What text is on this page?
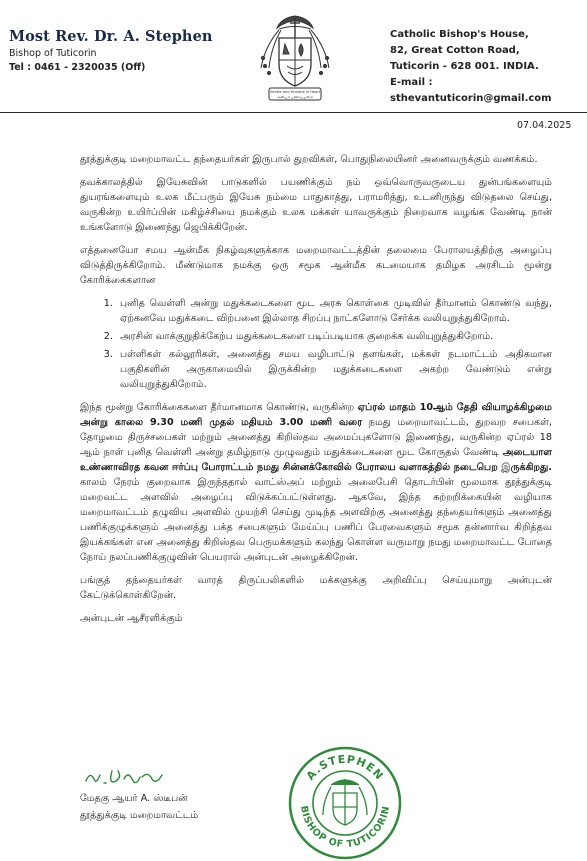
Most Rev. Dr. A. Stephen
Bishop of Tuticorin
Tel : 0461 - 2320035 (Off)
Gentle and Humble in Heart
அன்பும் பணிவுமுள்ள
Catholic Bishop's House,
82, Great Cotton Road,
Tuticorin - 628 001. INDIA.
E-mail : sthevantuticorin@gmail.com
07.04.2025
தூத்துக்குடி மறைமாவட்ட தந்தையர்கள் இருபால் துறவிகள், பொதுநிலையினர் அனைவருக்கும் வணக்கம்.
தவக்காலத்தில் இயேசுவின் பாடுகளில் பயணிக்கும் நம் ஒவ்வொருவருடைய துன்பங்களையும் துயரங்களையும் உலக மீட்பரும் இயேசு நம்மை பாதுகாத்து, பராமரித்து, உடனிருந்து விடுதலை செய்து, வருகின்ற உயிர்ப்பின் மகிழ்ச்சியை நமக்கும் உலக மக்கள் யாவருக்கும் நிறைவாக வழங்க வேண்டி நான் உங்களோடு இணைந்து ஜெபிக்கிறேன்.
எத்தனையோ சமய ஆன்மீக நிகழ்வுகளுக்காக மறைமாவட்டத்தின் தலைமை பேராலயத்திற்கு அழைப்பு விடுத்திருக்கிறோம். மீண்டுமாக நமக்கு ஒரு சமூக ஆன்மீக கடமையாக தமிழக அரசிடம் மூன்று கோரிக்கைகளான
1. புனித வெள்ளி அன்று மதுக்கடைகளை மூட அரசு கொள்கை முடிவில் தீர்மானம் கொண்டு வந்து, ஏற்கனவே மதுக்கடை விற்பனை இல்லாத சிறப்பு நாட்களோடு சேர்க்க வலியுறுத்துகிறோம்.
2. அரசின் வாக்குறுதிக்கேற்ப மதுக்கடைகளை படிப்படியாக குறைக்க வலியுறுத்துகிறோம்.
3. பள்ளிகள் கல்லூரிகள், அனைத்து சமய வழிபாட்டு தளங்கள், மக்கள் நடமாட்டம் அதிகமான பகுதிகளின் அருகாமையில் இருக்கின்ற மதுக்கடைகளை அகற்ற வேண்டும் என்று வலியுறுத்துகிறோம்.
இந்த மூன்று கோரிக்கைகளை தீர்மானமாக கொண்டு, வருகின்ற ஏப்ரல் மாதம் 10ஆம் தேதி வியாழக்கிழமை அன்று காலை 9.30 மணி முதல் மதியம் 3.00 மணி வரை நமது மறைமாவட்டம், துறவற சபைகள், தோழமை திருச்சபைகள் மற்றும் அனைத்து கிறிஸ்தவ அமைப்புகளோடு இணைந்து, வருகின்ற ஏப்ரல் 18 ஆம் நாள் புனித வெள்ளி அன்று தமிழ்நாடு முழுவதும் மதுக்கடைகளை மூட கோருதல் வேண்டி அடையாள உண்ணாவிரத கவன ஈர்ப்பு போராட்டம் நமது சின்னக்கோவில் பேராலய வளாகத்தில் நடைபெற இருக்கிறது. காலம் நேரம் குறைவாக இருந்ததால் வாட்ஸ்அப் மற்றும் அலைபேசி தொடர்பின் மூலமாக தூத்துக்குடி மறைவட்ட அளவில் அழைப்பு விடுக்கப்பட்டுள்ளது. ஆகவே, இந்த சுற்றறிக்கையின் வழியாக மறைமாவட்டம் தழுவிய அளவில் முயற்சி செய்து முடிந்த அளவிற்கு அனைத்து தந்தையர்களும் அனைத்து பணிக்குழுக்களும் அனைத்து பக்த சபைகளும் மேய்ப்பு பணிப் பேரவைகளும் சமூக தன்னார்வ கிறித்தவ இயக்கங்கள் என அனைத்து கிறிஸ்தவ பெருமக்களும் கலந்து கொள்ள வருமாறு நமது மறைமாவட்ட போதை நோய் நலப்பணிக்குழுவின் பெயரால் அன்புடன் அழைக்கிறேன்.
பங்குத் தந்தையர்கள் வாரத் திருப்பலிகளில் மக்களுக்கு அறிவிப்பு செய்யுமாறு அன்புடன் கேட்டுக்கொள்கிறேன்.
அன்புடன் ஆசீரளிக்கும்
மேதகு ஆயர் A. ஸ்டீபன்
தூத்துக்குடி மறைமாவட்டம்
A.STEPHEN
BISHOP OF TUTICORIN
